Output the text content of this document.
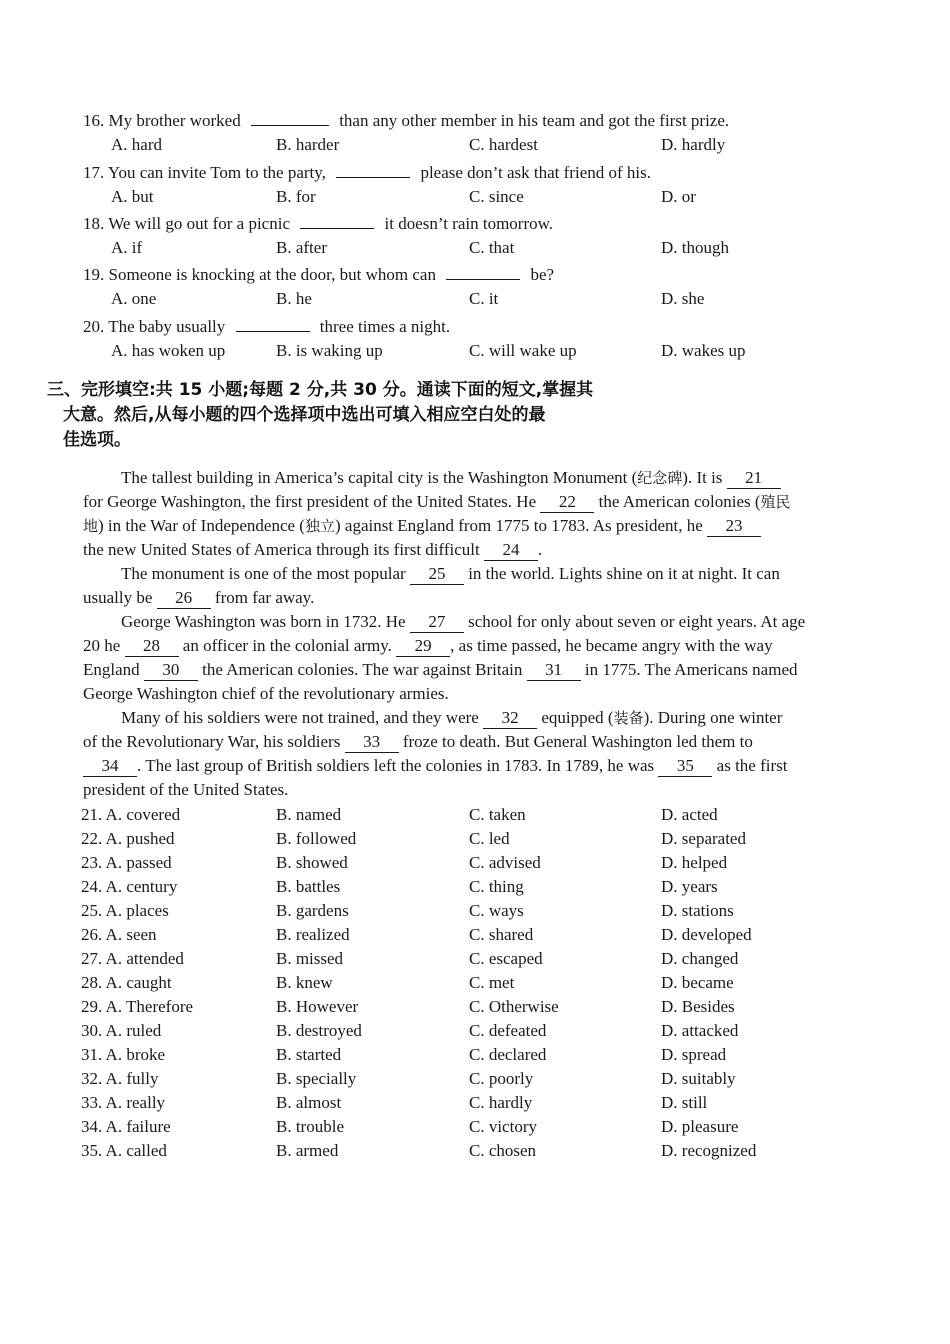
16. My brother worked	than any other member in his team and got the first prize.
A. hard	B. harder	C. hardest	D. hardly
17. You can invite Tom to the party,	please don’t ask that friend of his.
A. but	B. for	C. since	D. or
18. We will go out for a picnic	it doesn’t rain tomorrow.
A. if	B. after	C. that	D. though
19. Someone is knocking at the door, but whom can	be?
A. one	B. he	C. it	D. she
20. The baby usually	three times a night.
A. has woken up	B. is waking up	C. will wake up	D. wakes up
三、完形填空:共 15 小题;每题 2 分,共 30 分。通读下面的短文,掌握其
大意。然后,从每小题的四个选择项中选出可填入相应空白处的最
佳选项。
The tallest building in America’s capital city is the Washington Monument (纪念碑). It is 21
for George Washington, the first president of the United States. He 22 the American colonies (殖民
地) in the War of Independence (独立) against England from 1775 to 1783. As president, he 23
the new United States of America through its first difficult 24 .
The monument is one of the most popular 25 in the world. Lights shine on it at night. It can
usually be 26 from far away.
George Washington was born in 1732. He 27 school for only about seven or eight years. At age
20 he 28 an officer in the colonial army. 29 , as time passed, he became angry with the way
England 30 the American colonies. The war against Britain 31 in 1775. The Americans named
George Washington chief of the revolutionary armies.
Many of his soldiers were not trained, and they were 32 equipped (装备). During one winter
of the Revolutionary War, his soldiers 33 froze to death. But General Washington led them to
34 . The last group of British soldiers left the colonies in 1783. In 1789, he was 35 as the first
president of the United States.
21. A. covered	B. named	C. taken	D. acted
22. A. pushed	B. followed	C. led	D. separated
23. A. passed	B. showed	C. advised	D. helped
24. A. century	B. battles	C. thing	D. years
25. A. places	B. gardens	C. ways	D. stations
26. A. seen	B. realized	C. shared	D. developed
27. A. attended	B. missed	C. escaped	D. changed
28. A. caught	B. knew	C. met	D. became
29. A. Therefore	B. However	C. Otherwise	D. Besides
30. A. ruled	B. destroyed	C. defeated	D. attacked
31. A. broke	B. started	C. declared	D. spread
32. A. fully	B. specially	C. poorly	D. suitably
33. A. really	B. almost	C. hardly	D. still
34. A. failure	B. trouble	C. victory	D. pleasure
35. A. called	B. armed	C. chosen	D. recognized
